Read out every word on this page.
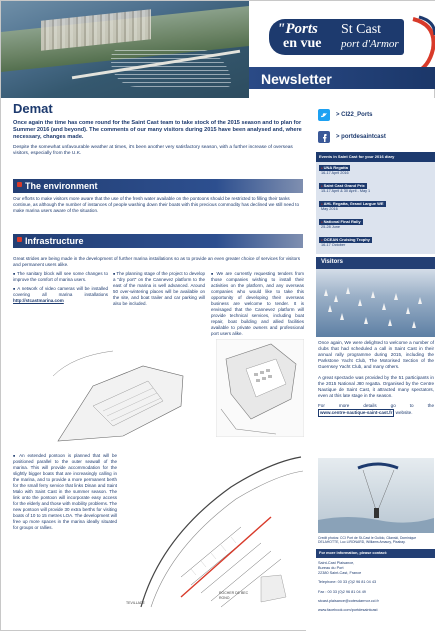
"Ports
en vue
St Cast
port d'Armor
Newsletter
Demat
Once again the time has come round for the Saint Cast team to take stock of the 2015 season and to plan for Summer 2016 (and beyond). The comments of our many visitors during 2015 have been analysed and, where necessary, changes made.
Despite the somewhat unfavourable weather at times, it's been another very satisfactory season, with a further increase of overseas visitors, especially from the U.K.
The environment
Our efforts to make visitors more aware that the use of the fresh water available on the pontoons should be restricted to filling their tanks continue, as although the number of instances of people washing down their boats with this precious commodity has declined we still need to make marina users aware of the situation.
Infrastructure
Great strides are being made in the development of further marina installations so as to provide an even greater choice of services for visitors and permanent users alike.

■ The sanitary block will see some changes to improve the comfort of marina users.

■ A network of video cameras will be installed covering all marina installations http://stcastmarina.com

■ The planning stage of the project to develop a "dry port" on the Cannevez platform to the east of the marina is well advanced. Around 50 over-wintering places will be available on the site, and boat trailer and car parking will also be included.

■ We are currently requesting tenders from those companies wishing to install their activities on the platform, and any overseas companies who would like to take this opportunity of developing their overseas business are welcome to tender. It is envisaged that the Cannevez platform will provide technical services, including boat repair, boat building and allied facilities available to private owners and professional port users alike.

■ An extended pontoon is planned that will be positioned parallel to the outer seawall of the marina. This will provide accommodation for the slightly bigger boats that are increasingly calling in the marina, and to provide a more permanent berth for the small ferry service that links Dinan and Saint Malo with Saint Cast in the summer season. The link onto the pontoon will incorporate easy access for the elderly and those with mobility problems. The new pontoon will provide 30 extra berths for visiting boats of 10 to 15 metres LOA. The development will free up more spaces in the marina ideally situated for groups or rallies.

TEVILLADE
ROCHER DE BEC RONO
> CI22_Ports
> portdesaintcast
Events in Saint Cast for your 2016 diary
● UNA Regatta
16-17 April 2016
● Saint Cast Grand Prix
15-17 April & 30 April - May 1
● AHL Regatta, Grand Largue WE
May 2016
● National Final Rally
25-28 June
● OCEAN Cruising Trophy
16-17 October
Visitors

Once again, We were delighted to welcome a number of clubs that had scheduled a call in Saint Cast in their annual rally programme during 2015, including the Parkstone Yacht Club, The Motorised Section of the Guernsey Yacht Club, and many others.

A great spectacle was provided by the 51 participants in the 2015 National J80 regatta. Organised by the Centre Nautique de Saint Cast, it attracted many spectators, even at this late stage in the season.

For more details go to the www.centre-nautique-saint-cast.fr website.

Credit photos: CCI Port de St-Cast le Guildo, Cilanski, Dominique DELAHOTTE, Luc LIRONARD, Williams Amaury, Pixabay.
For more information, please contact:
Saint-Cast Plaisance,
Bureau du Port
22380 Saint-Cast, France
Telephone: 00 33 (0)2 96 81 04 43
Fax : 00 33 (0)2 96 81 04 49
stcast.plaisance@cotesdarmor.cci.fr
www.facebook.com/portdesaintcast
